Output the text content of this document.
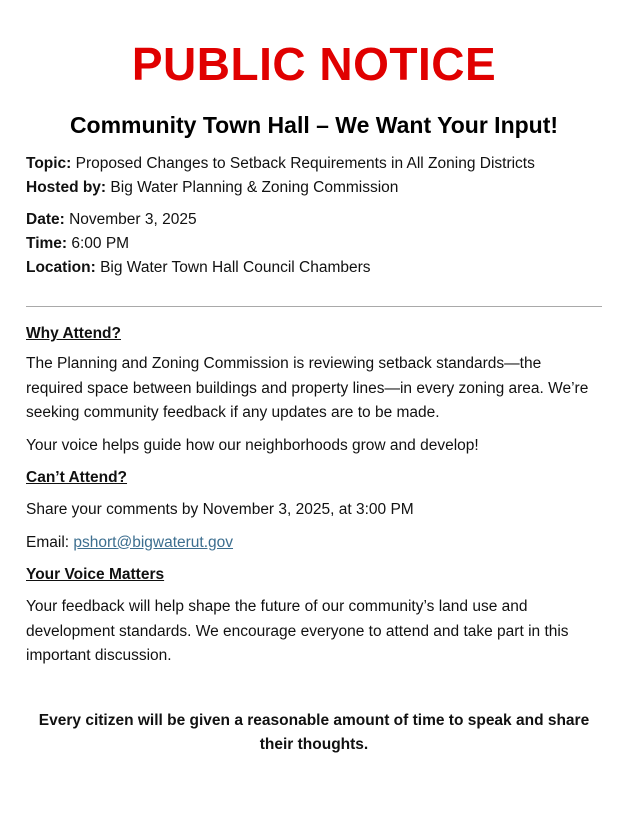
PUBLIC NOTICE
Community Town Hall – We Want Your Input!
Topic: Proposed Changes to Setback Requirements in All Zoning Districts
Hosted by: Big Water Planning & Zoning Commission
Date: November 3, 2025
Time: 6:00 PM
Location: Big Water Town Hall Council Chambers
Why Attend?
The Planning and Zoning Commission is reviewing setback standards—the required space between buildings and property lines—in every zoning area. We’re seeking community feedback if any updates are to be made.
Your voice helps guide how our neighborhoods grow and develop!
Can’t Attend?
Share your comments by November 3, 2025, at 3:00 PM
Email: pshort@bigwaterut.gov
Your Voice Matters
Your feedback will help shape the future of our community’s land use and development standards. We encourage everyone to attend and take part in this important discussion.
Every citizen will be given a reasonable amount of time to speak and share their thoughts.
